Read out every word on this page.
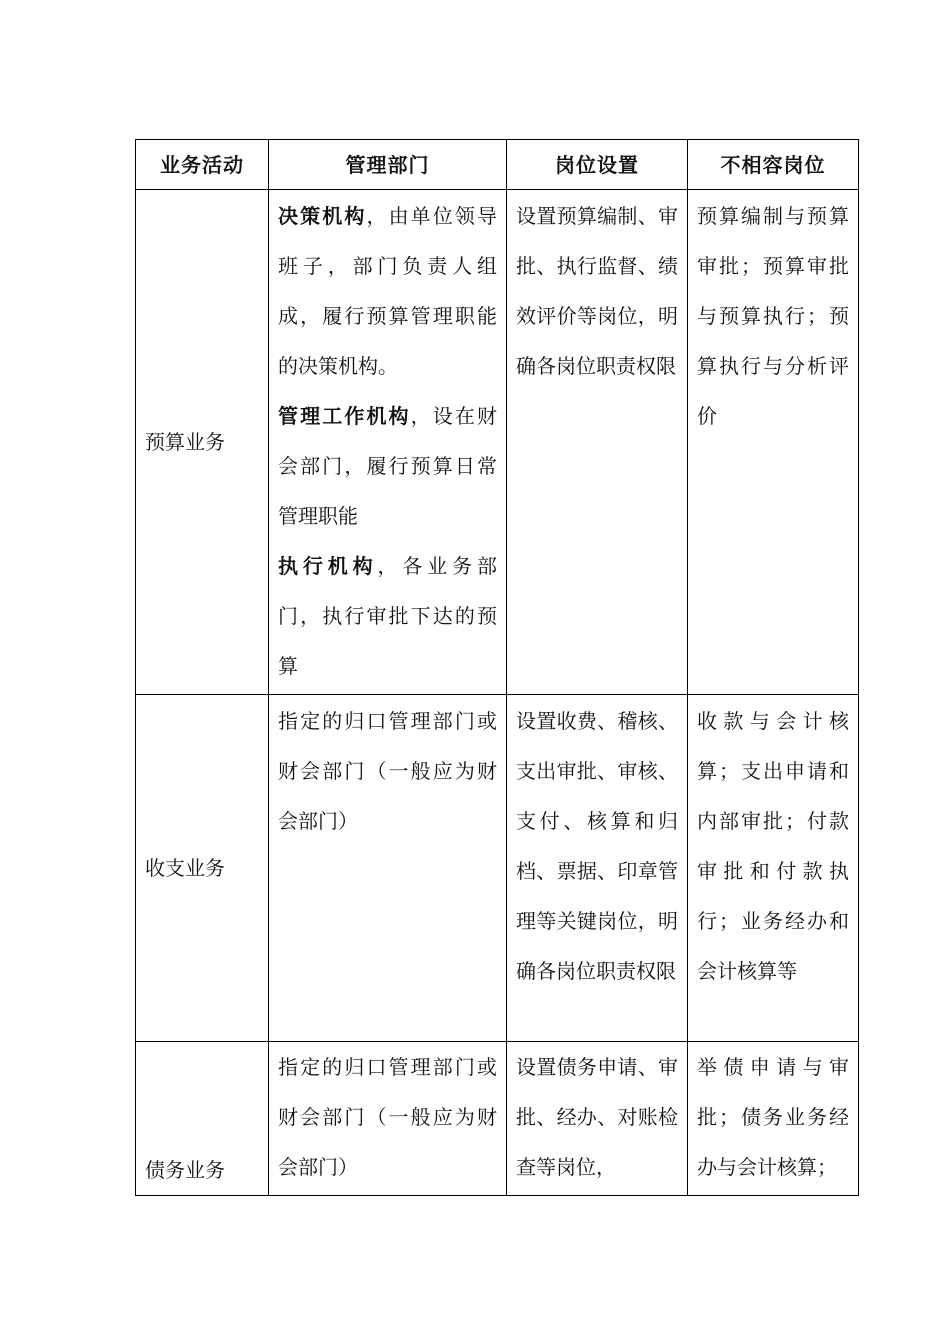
业务活动	管理部门	岗位设置	不相容岗位
预算业务	决策机构，由单位领导班子，部门负责人组成，履行预算管理职能的决策机构。
管理工作机构，设在财会部门，履行预算日常管理职能
执行机构，各业务部门，执行审批下达的预算	设置预算编制、审批、执行监督、绩效评价等岗位，明确各岗位职责权限	预算编制与预算审批；预算审批与预算执行；预算执行与分析评价

收支业务	指定的归口管理部门或财会部门（一般应为财会部门）	设置收费、稽核、支出审批、审核、支付、核算和归档、票据、印章管理等关键岗位，明确各岗位职责权限	收款与会计核算；支出申请和内部审批；付款审批和付款执行；业务经办和会计核算等

债务业务	指定的归口管理部门或财会部门（一般应为财会部门）	设置债务申请、审批、经办、对账检查等岗位，	举债申请与审批；债务业务经办与会计核算；
